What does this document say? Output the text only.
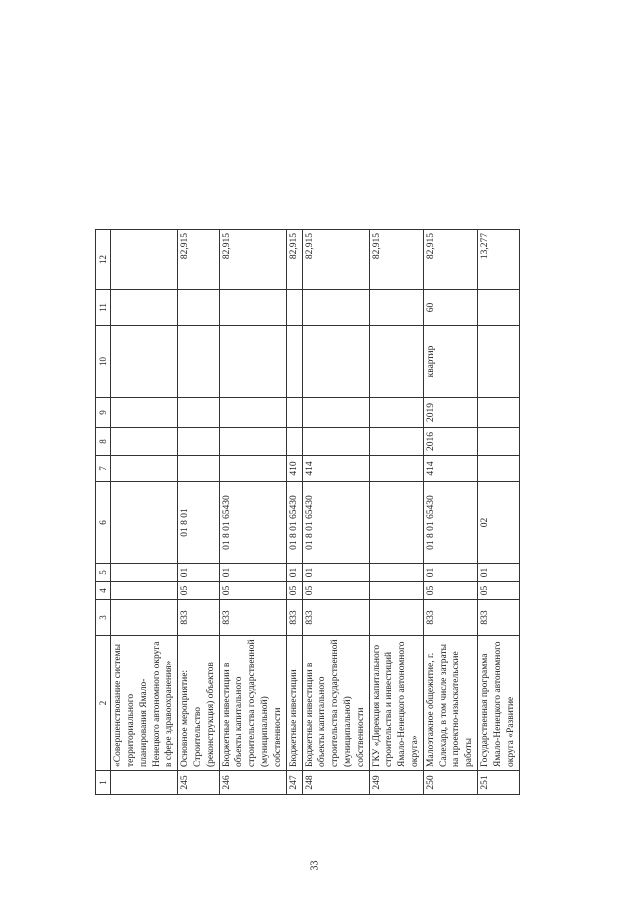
33
1	2	3	4	5	6	7	8	9	10	11	12
	«Совершенствование системы территориального планирования Ямало-Ненецкого автономного округа в сфере здравоохранения»										
245	Основное мероприятие: Строительство (реконструкция) объектов	833	05	01	01 8 01						82,915
246	Бюджетные инвестиции в объекты капитального строительства государственной (муниципальной) собственности	833	05	01	01 8 01 65430						82,915
247	Бюджетные инвестиции	833	05	01	01 8 01 65430	410					82,915
248	Бюджетные инвестиции в объекты капитального строительства государственной (муниципальной) собственности	833	05	01	01 8 01 65430	414					82,915
249	ГКУ «Дирекция капитального строительства и инвестиций Ямало-Ненецкого автономного округа»										82,915
250	Малоэтажное общежитие, г. Салехард, в том числе затраты на проектно-изыскательские работы	833	05	01	01 8 01 65430	414	2016	2019	квартир	60	82,915
251	Государственная программа Ямало-Ненецкого автономного округа «Развитие	833	05	01	02						13,277
